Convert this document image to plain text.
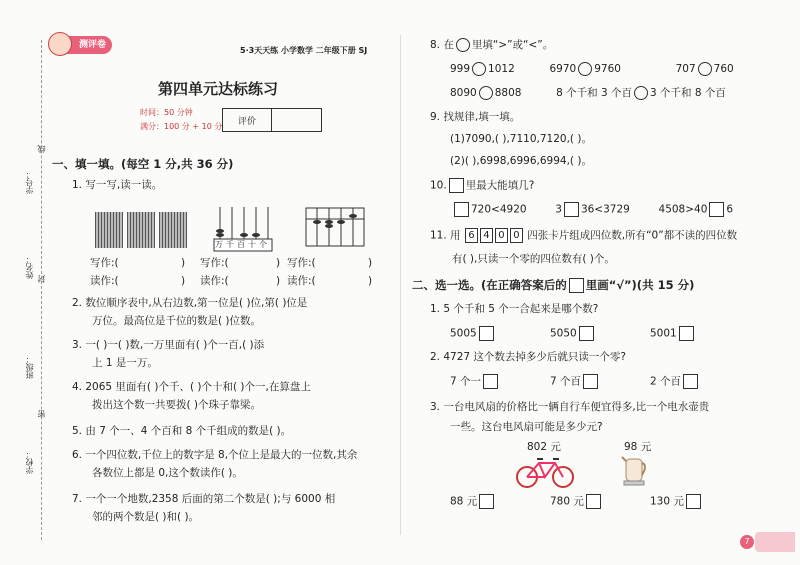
测评卷
5·3天天练 小学数学 二年级下册 SJ
学校：
班级：
姓名：
学号：
线
封
密
第四单元达标练习
时间：50 分钟
满分：100 分 + 10 分	评价
一、填一填。(每空 1 分,共 36 分)
1. 写一写,读一读。
万千百十个
写作:(	) 写作:(	) 写作:(	)
读作:(	) 读作:(	) 读作:(	)
2. 数位顺序表中,从右边数,第一位是( )位,第( )位是
万位。最高位是千位的数是( )位数。
3. 一( )一( )数,一万里面有( )个一百,( )添
上 1 是一万。
4. 2065 里面有( )个千、( )个十和( )个一,在算盘上
拨出这个数一共要拨( )个珠子靠梁。
5. 由 7 个一、4 个百和 8 个千组成的数是( )。
6. 一个四位数,千位上的数字是 8,个位上是最大的一位数,其余
各数位上都是 0,这个数读作( )。
7. 一个一个地数,2358 后面的第二个数是( );与 6000 相
邻的两个数是( )和( )。
8. 在 里填“>”或“<”。
999 1012	6970 9760	707 760
8090 8808	8 个千和 3 个百 3 个千和 8 个百
9. 找规律,填一填。
(1)7090,( ),7110,7120,( )。
(2)( ),6998,6996,6994,( )。
10. 里最大能填几?
720<4920	3 36<3729	4508>40 6
11. 用 6 4 0 0 四张卡片组成四位数,所有“0”都不读的四位数
有( ),只读一个零的四位数有( )个。
二、选一选。(在正确答案后的 里画“√”)(共 15 分)
1. 5 个千和 5 个一合起来是哪个数?
5005	5050	5001
2. 4727 这个数去掉多少后就只读一个零?
7 个一	7 个百	2 个百
3. 一台电风扇的价格比一辆自行车便宜得多,比一个电水壶贵
一些。这台电风扇可能是多少元?
802 元	98 元
88 元	780 元	130 元
7
